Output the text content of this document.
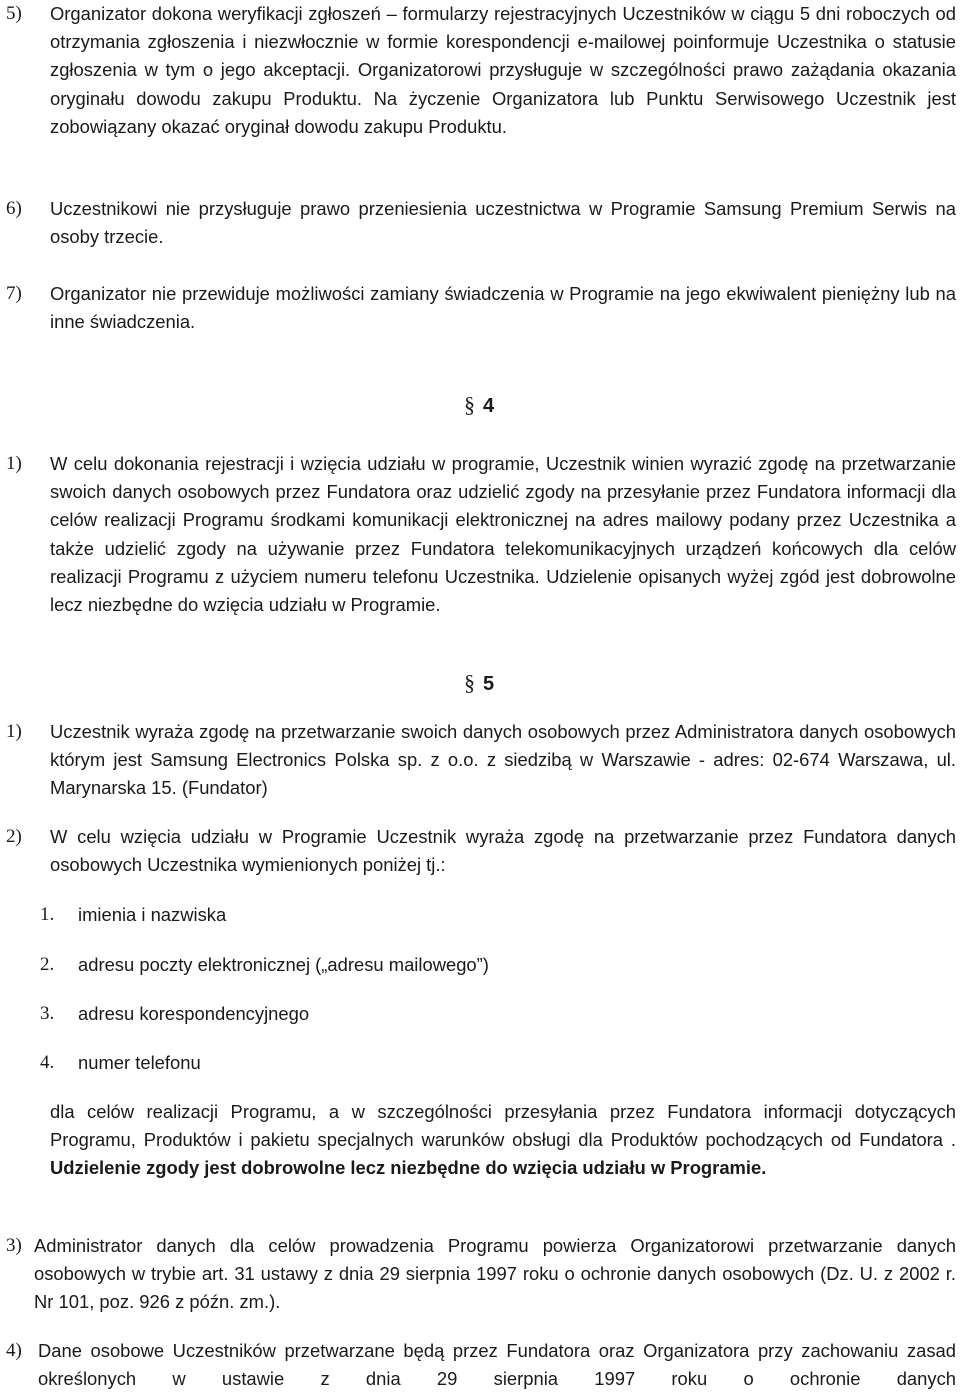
5) Organizator dokona weryfikacji zgłoszeń – formularzy rejestracyjnych Uczestników w ciągu 5 dni roboczych od otrzymania zgłoszenia i niezwłocznie w formie korespondencji e-mailowej poinformuje Uczestnika o statusie zgłoszenia w tym o jego akceptacji. Organizatorowi przysługuje w szczególności prawo zażądania okazania oryginału dowodu zakupu Produktu. Na życzenie Organizatora lub Punktu Serwisowego Uczestnik jest zobowiązany okazać oryginał dowodu zakupu Produktu.
6) Uczestnikowi nie przysługuje prawo przeniesienia uczestnictwa w Programie Samsung Premium Serwis na osoby trzecie.
7) Organizator nie przewiduje możliwości zamiany świadczenia w Programie na jego ekwiwalent pieniężny lub na inne świadczenia.
§ 4
1) W celu dokonania rejestracji i wzięcia udziału w programie, Uczestnik winien wyrazić zgodę na przetwarzanie swoich danych osobowych przez Fundatora oraz udzielić zgody na przesyłanie przez Fundatora informacji dla celów realizacji Programu środkami komunikacji elektronicznej na adres mailowy podany przez Uczestnika a także udzielić zgody na używanie przez Fundatora telekomunikacyjnych urządzeń końcowych dla celów realizacji Programu z użyciem numeru telefonu Uczestnika. Udzielenie opisanych wyżej zgód jest dobrowolne lecz niezbędne do wzięcia udziału w Programie.
§ 5
1) Uczestnik wyraża zgodę na przetwarzanie swoich danych osobowych przez Administratora danych osobowych którym jest Samsung Electronics Polska sp. z o.o. z siedzibą w Warszawie - adres: 02-674 Warszawa, ul. Marynarska 15. (Fundator)
2) W celu wzięcia udziału w Programie Uczestnik wyraża zgodę na przetwarzanie przez Fundatora danych osobowych Uczestnika wymienionych poniżej tj.:
1. imienia i nazwiska
2. adresu poczty elektronicznej („adresu mailowego”)
3. adresu korespondencyjnego
4. numer telefonu
dla celów realizacji Programu, a w szczególności przesyłania przez Fundatora informacji dotyczących Programu, Produktów i pakietu specjalnych warunków obsługi dla Produktów pochodzących od Fundatora . Udzielenie zgody jest dobrowolne lecz niezbędne do wzięcia udziału w Programie.
3) Administrator danych dla celów prowadzenia Programu powierza Organizatorowi przetwarzanie danych osobowych w trybie art. 31 ustawy z dnia 29 sierpnia 1997 roku o ochronie danych osobowych (Dz. U. z 2002 r. Nr 101, poz. 926 z późn. zm.).
4) Dane osobowe Uczestników przetwarzane będą przez Fundatora oraz Organizatora przy zachowaniu zasad określonych w ustawie z dnia 29 sierpnia 1997 roku o ochronie danych
